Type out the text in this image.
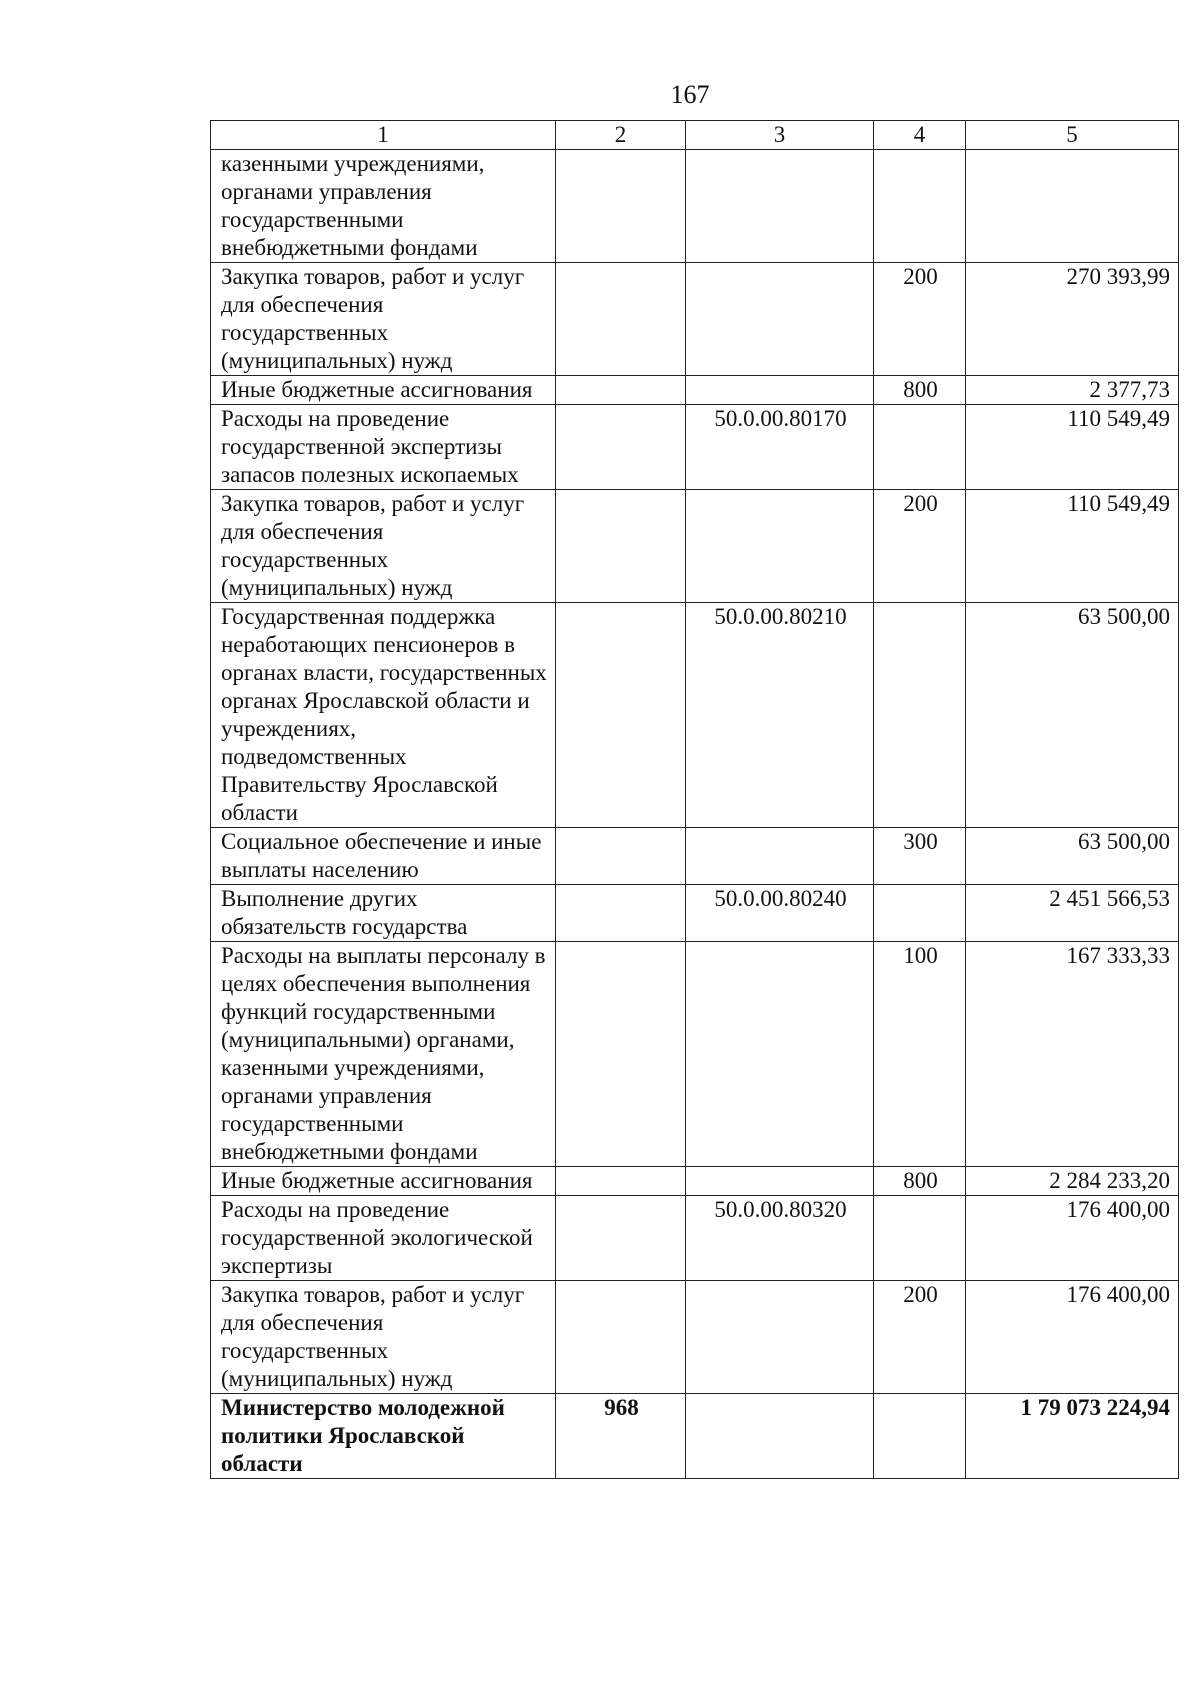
167
1	2	3	4	5
казенными учреждениями, органами управления государственными внебюджетными фондами				
Закупка товаров, работ и услуг для обеспечения государственных (муниципальных) нужд			200	270 393,99
Иные бюджетные ассигнования			800	2 377,73
Расходы на проведение государственной экспертизы запасов полезных ископаемых		50.0.00.80170		110 549,49
Закупка товаров, работ и услуг для обеспечения государственных (муниципальных) нужд			200	110 549,49
Государственная поддержка неработающих пенсионеров в органах власти, государственных органах Ярославской области и учреждениях, подведомственных Правительству Ярославской области		50.0.00.80210		63 500,00
Социальное обеспечение и иные выплаты населению			300	63 500,00
Выполнение других обязательств государства		50.0.00.80240		2 451 566,53
Расходы на выплаты персоналу в целях обеспечения выполнения функций государственными (муниципальными) органами, казенными учреждениями, органами управления государственными внебюджетными фондами			100	167 333,33
Иные бюджетные ассигнования			800	2 284 233,20
Расходы на проведение государственной экологической экспертизы		50.0.00.80320		176 400,00
Закупка товаров, работ и услуг для обеспечения государственных (муниципальных) нужд			200	176 400,00
Министерство молодежной политики Ярославской области	968			1 79 073 224,94
